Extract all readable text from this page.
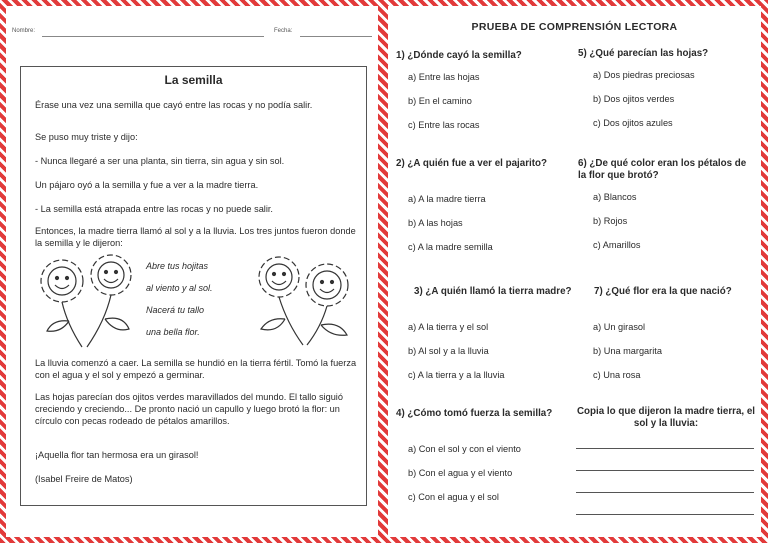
Nombre:	Fecha:
La semilla
Érase una vez una semilla que cayó entre las rocas y no podía salir.
Se puso muy triste y dijo:
- Nunca llegaré a ser una planta, sin tierra, sin agua y sin sol.
Un pájaro oyó a la semilla y fue a ver a la madre tierra.
- La semilla está atrapada entre las rocas y no puede salir.
Entonces, la madre tierra llamó al sol y a la lluvia. Los tres juntos fueron donde la semilla y le dijeron:
Abre tus hojitas
al viento y al sol.
Nacerá tu tallo
una bella flor.
La lluvia comenzó a caer. La semilla se hundió en la tierra fértil. Tomó la fuerza con el agua y el sol y empezó a germinar.
Las hojas parecían dos ojitos verdes maravillados del mundo. El tallo siguió creciendo y creciendo... De pronto nació un capullo y luego brotó la flor: un círculo con pecas rodeado de pétalos amarillos.
¡Aquella flor tan hermosa era un girasol!
(Isabel Freire de Matos)
PRUEBA DE COMPRENSIÓN LECTORA
1) ¿Dónde cayó la semilla?
a) Entre las hojas
b) En el camino
c) Entre las rocas
2) ¿A quién fue a ver el pajarito?
a) A la madre tierra
b) A las hojas
c) A la madre semilla
3) ¿A quién llamó la tierra madre?
a) A la tierra y el sol
b) Al sol y a la lluvia
c) A la tierra y a la lluvia
4) ¿Cómo tomó fuerza la semilla?
a) Con el sol y con el viento
b) Con el agua y el viento
c) Con el agua y el sol
5) ¿Qué parecían las hojas?
a) Dos piedras preciosas
b) Dos ojitos verdes
c) Dos ojitos azules
6) ¿De qué color eran los pétalos de la flor que brotó?
a) Blancos
b) Rojos
c) Amarillos
7) ¿Qué flor era la que nació?
a) Un girasol
b) Una margarita
c) Una rosa
Copia lo que dijeron la madre tierra, el sol y la lluvia:
